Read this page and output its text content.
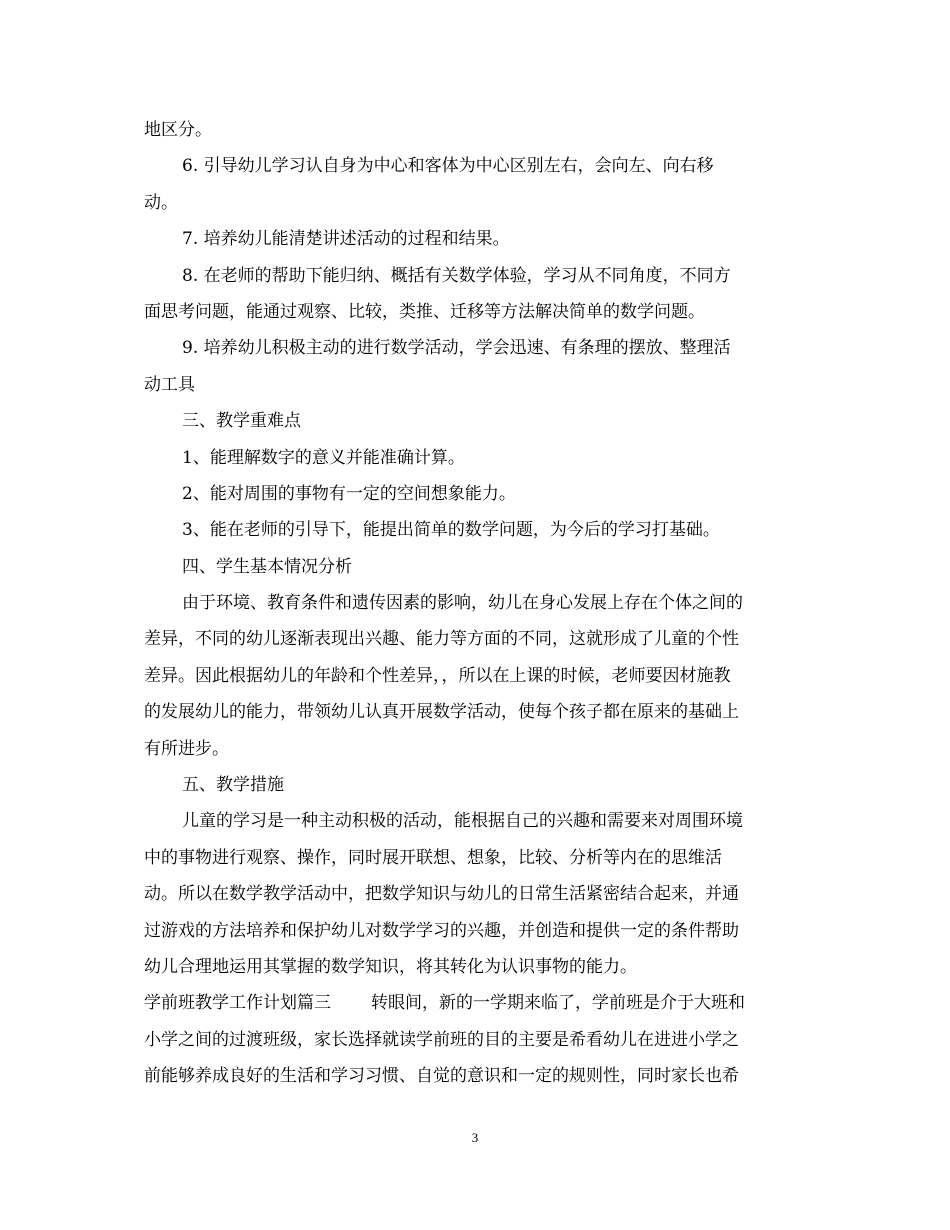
地区分。
6. 引导幼儿学习认自身为中心和客体为中心区别左右，会向左、向右移
动。
7. 培养幼儿能清楚讲述活动的过程和结果。
8. 在老师的帮助下能归纳、概括有关数学体验，学习从不同角度，不同方
面思考问题，能通过观察、比较，类推、迁移等方法解决简单的数学问题。
9. 培养幼儿积极主动的进行数学活动，学会迅速、有条理的摆放、整理活
动工具
三、教学重难点
1、能理解数字的意义并能准确计算。
2、能对周围的事物有一定的空间想象能力。
3、能在老师的引导下，能提出简单的数学问题，为今后的学习打基础。
四、学生基本情况分析
由于环境、教育条件和遗传因素的影响，幼儿在身心发展上存在个体之间的
差异，不同的幼儿逐渐表现出兴趣、能力等方面的不同，这就形成了儿童的个性
差异。因此根据幼儿的年龄和个性差异，，所以在上课的时候，老师要因材施教
的发展幼儿的能力，带领幼儿认真开展数学活动，使每个孩子都在原来的基础上
有所进步。
五、教学措施
儿童的学习是一种主动积极的活动，能根据自己的兴趣和需要来对周围环境
中的事物进行观察、操作，同时展开联想、想象，比较、分析等内在的思维活
动。所以在数学教学活动中，把数学知识与幼儿的日常生活紧密结合起来，并通
过游戏的方法培养和保护幼儿对数学学习的兴趣，并创造和提供一定的条件帮助
幼儿合理地运用其掌握的数学知识，将其转化为认识事物的能力。
学前班教学工作计划篇三 转眼间，新的一学期来临了，学前班是介于大班和
小学之间的过渡班级，家长选择就读学前班的目的主要是希看幼儿在进进小学之
前能够养成良好的生活和学习习惯、自觉的意识和一定的规则性，同时家长也希
3
